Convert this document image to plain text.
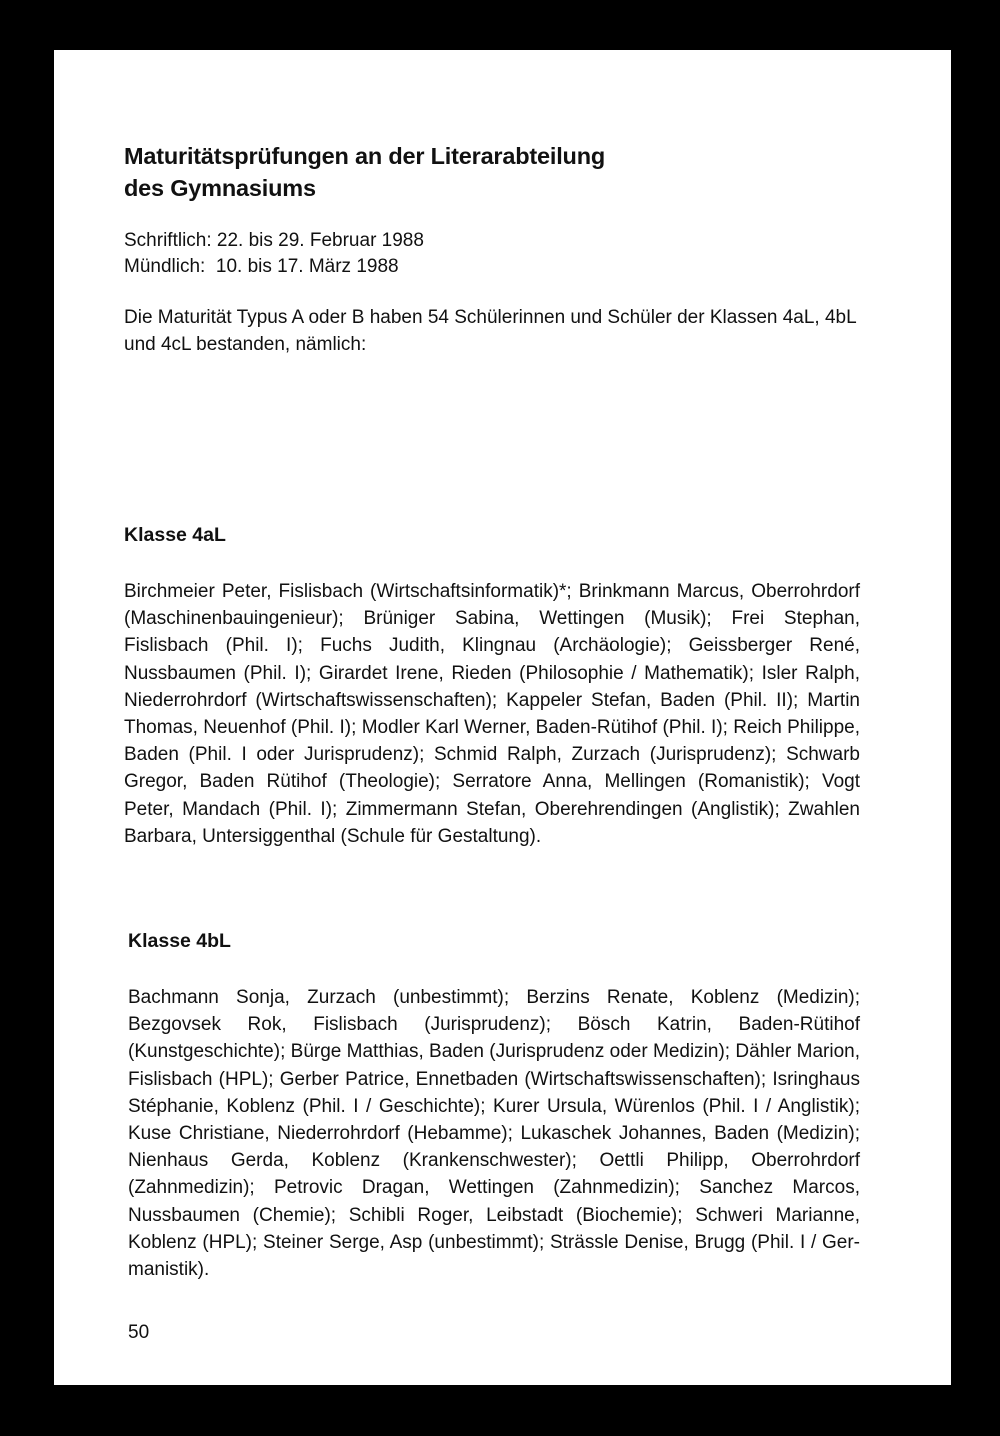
Maturitätsprüfungen an der Literarabteilung
des Gymnasiums
Schriftlich: 22. bis 29. Februar 1988
Mündlich:  10. bis 17. März 1988

Die Maturität Typus A oder B haben 54 Schülerinnen und Schüler der Klassen 4aL, 4bL und 4cL bestanden, nämlich:

Klasse 4aL

Birchmeier Peter, Fislisbach (Wirtschaftsinformatik)*; Brinkmann Marcus, Oberrohrdorf (Maschinenbauingenieur); Brüniger Sabina, Wettingen (Musik); Frei Stephan, Fislisbach (Phil. I); Fuchs Judith, Klingnau (Archäologie); Geissberger René, Nussbaumen (Phil. I); Girardet Irene, Rieden (Philosophie / Mathematik); Isler Ralph, Niederrohrdorf (Wirtschaftswissenschaften); Kappeler Stefan, Baden (Phil. II); Martin Thomas, Neuenhof (Phil. I); Modler Karl Werner, Baden-Rütihof (Phil. I); Reich Philippe, Baden (Phil. I oder Jurisprudenz); Schmid Ralph, Zurzach (Jurisprudenz); Schwarb Gregor, Baden Rütihof (Theologie); Serratore Anna, Mellingen (Romanistik); Vogt Peter, Mandach (Phil. I); Zimmermann Stefan, Oberehrendingen (Anglistik); Zwahlen Barbara, Untersiggenthal (Schule für Gestaltung).

Klasse 4bL

Bachmann Sonja, Zurzach (unbestimmt); Berzins Renate, Koblenz (Medizin); Bezgovsek Rok, Fislisbach (Jurisprudenz); Bösch Katrin, Baden-Rütihof (Kunstgeschichte); Bürge Matthias, Baden (Jurisprudenz oder Medizin); Dähler Marion, Fislisbach (HPL); Gerber Patrice, Ennetbaden (Wirtschaftswissenschaften); Isringhaus Stéphanie, Koblenz (Phil. I / Geschichte); Kurer Ursula, Würenlos (Phil. I / Anglistik); Kuse Christiane, Niederrohrdorf (Hebamme); Lukaschek Johannes, Baden (Medizin); Nienhaus Gerda, Koblenz (Krankenschwester); Oettli Philipp, Oberrohrdorf (Zahnmedizin); Petrovic Dragan, Wettingen (Zahnmedizin); Sanchez Marcos, Nussbaumen (Chemie); Schibli Roger, Leibstadt (Biochemie); Schweri Marianne, Koblenz (HPL); Steiner Serge, Asp (unbestimmt); Strässle Denise, Brugg (Phil. I / Germanistik).

50
